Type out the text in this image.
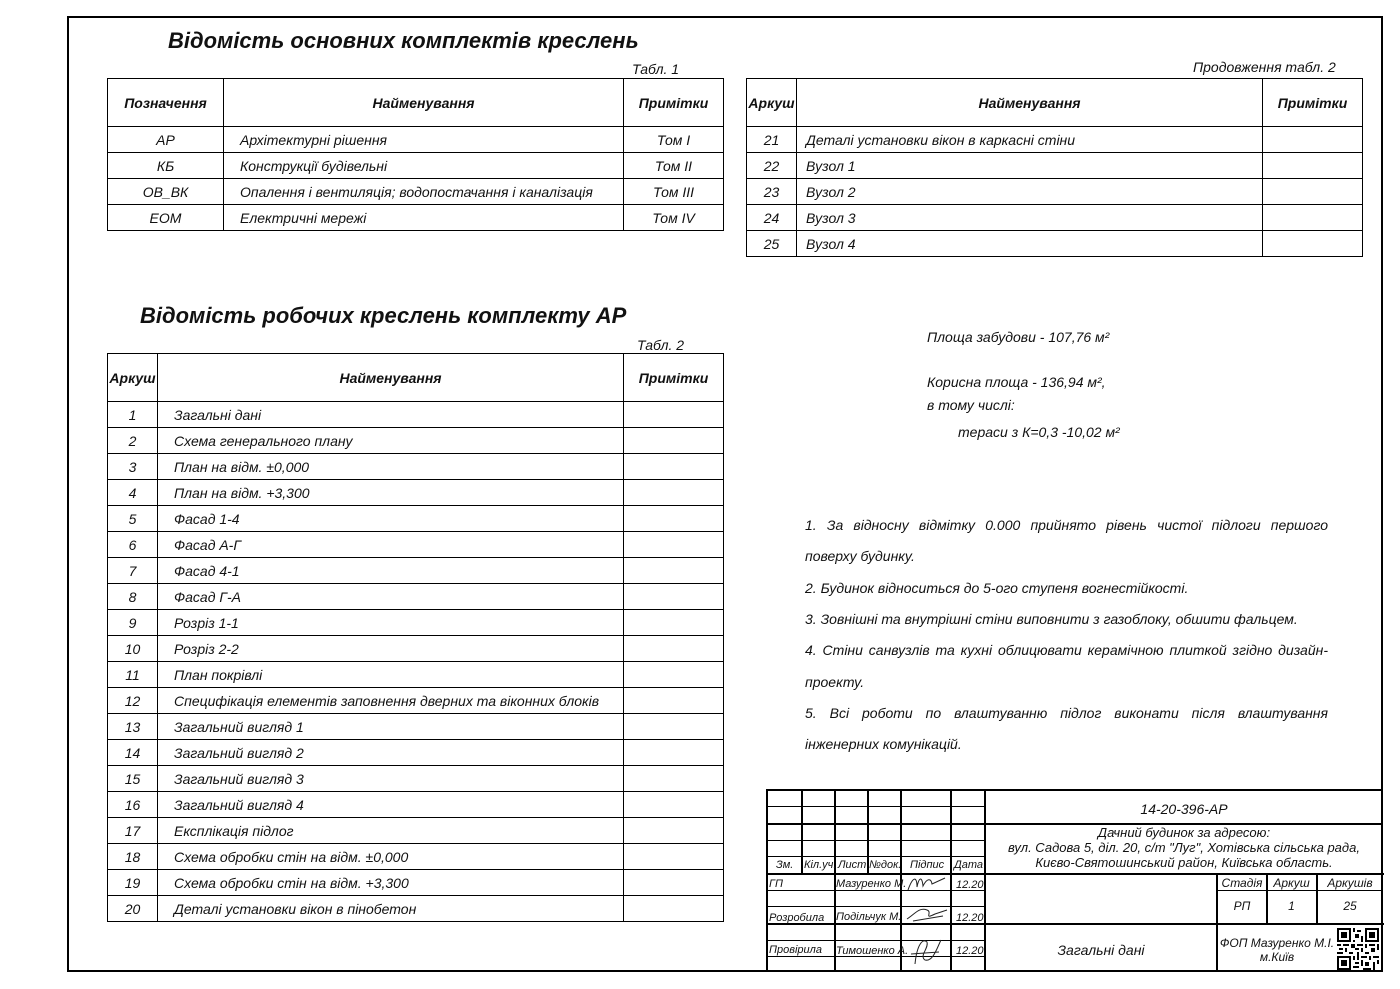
Відомість основних комплектів креслень
Відомість робочих креслень комплекту АР
Табл. 1
Позначення	Найменування	Примітки
АР	Архітектурні рішення	Том I
КБ	Конструкції будівельні	Том II
ОВ_ВК	Опалення і вентиляція; водопостачання і каналізація	Том III
ЕОМ	Електричні мережі	Том IV
Табл. 2
Аркуш	Найменування	Примітки
1	Загальні дані	
2	Схема генерального плану	
3	План на відм. ±0,000	
4	План на відм. +3,300	
5	Фасад 1-4	
6	Фасад А-Г	
7	Фасад 4-1	
8	Фасад Г-А	
9	Розріз 1-1	
10	Розріз 2-2	
11	План покрівлі	
12	Специфікація елементів заповнення дверних та віконних блоків	
13	Загальний вигляд 1	
14	Загальний вигляд 2	
15	Загальний вигляд 3	
16	Загальний вигляд 4	
17	Експлікація підлог	
18	Схема обробки стін на відм. ±0,000	
19	Схема обробки стін на відм. +3,300	
20	Деталі установки вікон в пінобетон	
Продовження табл. 2
Аркуш	Найменування	Примітки
21	Деталі установки вікон в каркасні стіни	
22	Вузол 1	
23	Вузол 2	
24	Вузол 3	
25	Вузол 4	
Площа забудови - 107,76 м²
Корисна площа - 136,94 м²,
в тому числі:
тераси з К=0,3 -10,02 м²
1. За відносну відмітку 0.000 прийнято рівень чистої підлоги першого
поверху будинку.
2. Будинок відноситься до 5-ого ступеня вогнестійкості.
3. Зовнішні та внутрішні стіни виповнити з газоблоку, обшити фальцем.
4. Стіни санвузлів та кухні облицювати керамічною плиткой згідно дизайн-
проекту.
5. Всі роботи по влаштуванню підлог виконати після влаштування
інженерних комунікацій.
14-20-396-АР
Дачний будинок за адресою:
вул. Садова 5, діл. 20, с/т "Луг", Хотівська сільська рада,
Києво-Святошинський район, Київська область.
Зм. Кіл.уч. Лист №док. Підпис Дата
ГП	Мазуренко М.	12.20
Розробила Подільчук М.	12.20
Провірила Тимошенко А.	12.20
Стадія Аркуш	Аркушів
РП	1	25
Загальні дані	ФОП Мазуренко М.І.
м.Київ
